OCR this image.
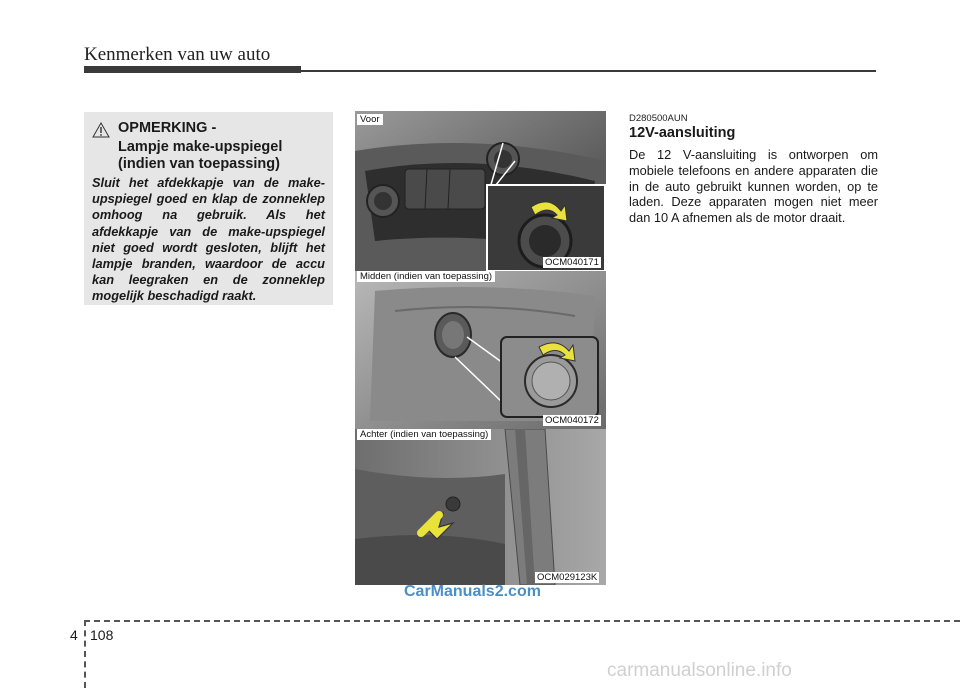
Kenmerken van uw auto
OPMERKING -
Lampje make-upspiegel (indien van toepassing)
Sluit het afdekkapje van de make-upspiegel goed en klap de zonneklep omhoog na gebruik. Als het afdekkapje van de make-upspiegel niet goed wordt gesloten, blijft het lampje branden, waardoor de accu kan leegraken en de zonneklep mogelijk beschadigd raakt.
Voor
OCM040171
Midden (indien van toepassing)
OCM040172
Achter (indien van toepassing)
OCM029123K
D280500AUN
12V-aansluiting
De 12 V-aansluiting is ontworpen om mobiele telefoons en andere apparaten die in de auto gebruikt kunnen worden, op te laden. Deze apparaten mogen niet meer dan 10 A afnemen als de motor draait.
CarManuals2.com
4 108
carmanualsonline.info
